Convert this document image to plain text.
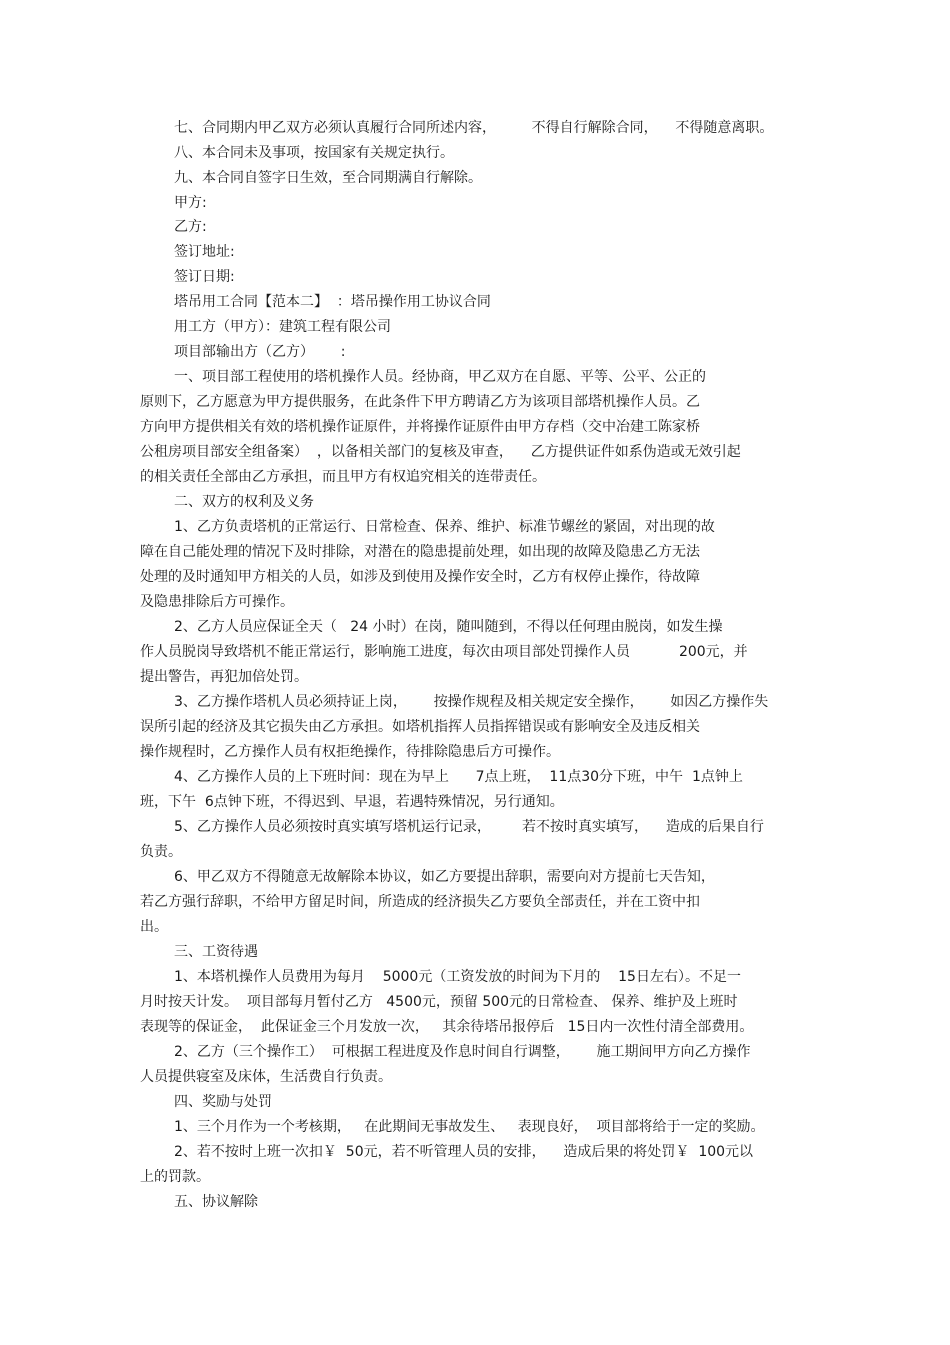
七、合同期内甲乙双方必须认真履行合同所述内容，        不得自行解除合同，    不得随意离职。
八、本合同未及事项，按国家有关规定执行。
九、本合同自签字日生效，至合同期满自行解除。
甲方:
乙方:
签订地址:
签订日期:
塔吊用工合同【范本二】  ：塔吊操作用工协议合同
用工方（甲方）：建筑工程有限公司
项目部输出方（乙方）      :
一、项目部工程使用的塔机操作人员。经协商，甲乙双方在自愿、平等、公平、公正的
原则下，乙方愿意为甲方提供服务，在此条件下甲方聘请乙方为该项目部塔机操作人员。乙
方向甲方提供相关有效的塔机操作证原件，并将操作证原件由甲方存档（交中冶建工陈家桥
公租房项目部安全组备案）  ，以备相关部门的复核及审查，    乙方提供证件如系伪造或无效引起
的相关责任全部由乙方承担，而且甲方有权追究相关的连带责任。
二、双方的权利及义务
1、乙方负责塔机的正常运行、日常检查、保养、维护、标准节螺丝的紧固，对出现的故
障在自己能处理的情况下及时排除，对潜在的隐患提前处理，如出现的故障及隐患乙方无法
处理的及时通知甲方相关的人员，如涉及到使用及操作安全时，乙方有权停止操作，待故障
及隐患排除后方可操作。
2、乙方人员应保证全天（   24 小时）在岗，随叫随到，不得以任何理由脱岗，如发生操
作人员脱岗导致塔机不能正常运行，影响施工进度，每次由项目部处罚操作人员           200元，并
提出警告，再犯加倍处罚。
3、乙方操作塔机人员必须持证上岗，      按操作规程及相关规定安全操作，      如因乙方操作失
误所引起的经济及其它损失由乙方承担。如塔机指挥人员指挥错误或有影响安全及违反相关
操作规程时，乙方操作人员有权拒绝操作，待排除隐患后方可操作。
4、乙方操作人员的上下班时间：现在为早上      7点上班，  11点30分下班，中午  1点钟上
班，下午  6点钟下班，不得迟到、早退，若遇特殊情况，另行通知。
5、乙方操作人员必须按时真实填写塔机运行记录，       若不按时真实填写，    造成的后果自行
负责。
6、甲乙双方不得随意无故解除本协议，如乙方要提出辞职，需要向对方提前七天告知，
若乙方强行辞职，不给甲方留足时间，所造成的经济损失乙方要负全部责任，并在工资中扣
出。
三、工资待遇
1、本塔机操作人员费用为每月    5000元（工资发放的时间为下月的    15日左右）。不足一
月时按天计发。  项目部每月暂付乙方   4500元，预留 500元的日常检查、 保养、维护及上班时
表现等的保证金，  此保证金三个月发放一次，   其余待塔吊报停后   15日内一次性付清全部费用。
2、乙方（三个操作工）  可根据工程进度及作息时间自行调整，      施工期间甲方向乙方操作
人员提供寝室及床体，生活费自行负责。
四、奖励与处罚
1、三个月作为一个考核期，   在此期间无事故发生、   表现良好，  项目部将给于一定的奖励。
2、若不按时上班一次扣￥  50元，若不听管理人员的安排，    造成后果的将处罚￥  100元以
上的罚款。
五、协议解除
